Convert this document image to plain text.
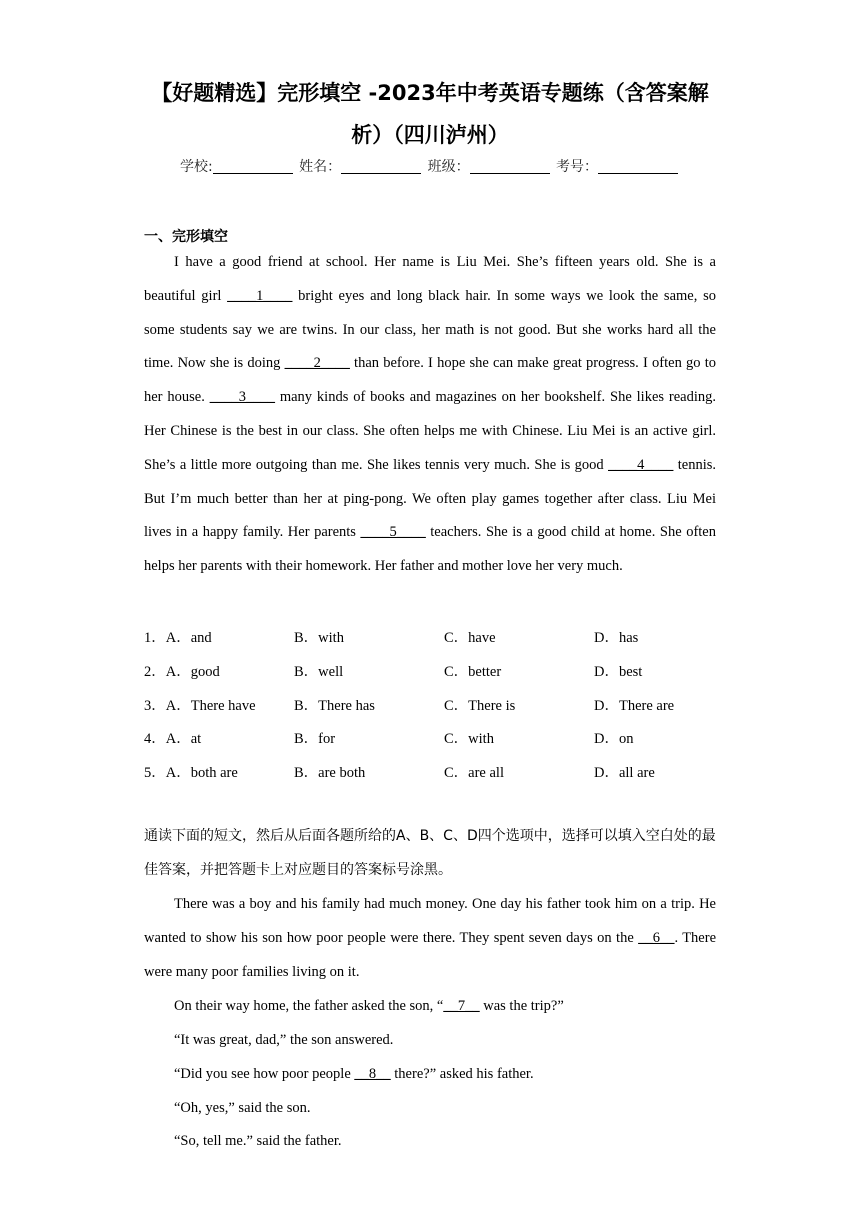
【好题精选】完形填空 -2023年中考英语专题练（含答案解
析）（四川泸州）
学校:	姓名：	班级：	考号：
一、完形填空
I have a good friend at school. Her name is Liu Mei. She’s fifteen years old. She is a beautiful girl ____1____ bright eyes and long black hair. In some ways we look the same, so some students say we are twins. In our class, her math is not good. But she works hard all the time. Now she is doing ____2____ than before. I hope she can make great progress. I often go to her house. ____3____ many kinds of books and magazines on her bookshelf. She likes reading. Her Chinese is the best in our class. She often helps me with Chinese. Liu Mei is an active girl. She’s a little more outgoing than me. She likes tennis very much. She is good ____4____ tennis. But I’m much better than her at ping-pong. We often play games together after class. Liu Mei lives in a happy family. Her parents ____5____ teachers. She is a good child at home. She often helps her parents with their homework. Her father and mother love her very much.
1．A．and	B．with	C．have	D．has
2．A．good	B．well	C．better	D．best
3．A．There have	B．There has	C．There is	D．There are
4．A．at	B．for	C．with	D．on
5．A．both are	B．are both	C．are all	D．all are
通读下面的短文，然后从后面各题所给的A、B、C、D四个选项中，选择可以填入空白处的最佳答案，并把答题卡上对应题目的答案标号涂黑。
There was a boy and his family had much money. One day his father took him on a trip. He wanted to show his son how poor people were there. They spent seven days on the __6__. There were many poor families living on it.
On their way home, the father asked the son, “__7__ was the trip?”
“It was great, dad,” the son answered.
“Did you see how poor people __8__ there?” asked his father.
“Oh, yes,” said the son.
“So, tell me.” said the father.
